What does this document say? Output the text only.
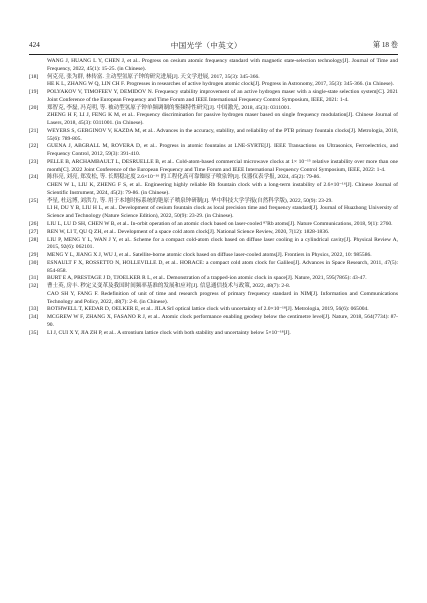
424	中国光学（中英文）	第 18 卷
WANG J, HUANG L Y, CHEN J, et al.. Progress on cesium atomic frequency standard with magnetic state-selection technology[J]. Journal of Time and Frequency, 2022, 45(1): 15-25. (in Chinese).
[18]	何克亮, 张为群, 林传富. 主动型氢原子钟的研究进展[J]. 天文学进展, 2017, 35(3): 345-366.
HE K L, ZHANG W Q, LIN CH F. Progresses in researches of active hydrogen atomic clock[J]. Progress in Astronomy, 2017, 35(3): 345-366. (in Chinese).
[19]	POLYAKOV V, TIMOFEEV Y, DEMIDOV N. Frequency stability improvement of an active hydrogen maser with a single-state selection system[C]. 2021 Joint Conference of the European Frequency and Time Forum and IEEE International Frequency Control Symposium, IEEE, 2021: 1-4.
[20]	郑智克, 李磊, 冯克明, 等. 被动型氢原子钟单频调制的鉴频特性研究[J]. 中国激光, 2018, 45(3): 0311001.
ZHENG H F, LI J, FENG K M, et al.. Frequency discrimination for passive hydrogen maser based on single frequency modulation[J]. Chinese Journal of Lasers, 2018, 45(3): 0311001. (in Chinese).
[21]	WEYERS S, GERGINOV V, KAZDA M, et al.. Advances in the accuracy, stability, and reliability of the PTB primary fountain clocks[J]. Metrologia, 2018, 55(6): 789-805.
[22]	GUENA J, ABGRALL M, ROVERA D, et al.. Progress in atomic fountains at LNE-SYRTE[J]. IEEE Transactions on Ultrasonics, Ferroelectrics, and Frequency Control, 2012, 59(3): 391-410.
[23]	PELLE B, ARCHAMBAULT L, DESRUELLE B, et al.. Cold-atom-based commercial microwave clocks at 1× 10⁻¹⁵ relative instability over more than one month[C]. 2022 Joint Conference of the European Frequency and Time Forum and IEEE International Frequency Control Symposium, IEEE, 2022: 1-4.
[24]	陈伟亮, 刘亮, 郑发松, 等. 长期稳定度 2.6×10⁻¹⁶ 的工程化高可靠铷原子喷泉钟[J]. 仪器仪表学报, 2024, 45(2): 79-86.
CHEN W L, LIU K, ZHENG F S, et al.. Engineering highly reliable Rb fountain clock with a long-term instability of 2.6×10⁻¹⁶[J]. Chinese Journal of Scientific Instrument, 2024, 45(2): 79-86. (in Chinese).
[25]	李星, 杜远博, 刘洪力, 等. 用于本地时标系统的铯原子喷泉钟研制[J]. 华中科技大学学报(自然科学版), 2022, 50(9): 23-29.
LI H, DU Y B, LIU H L, et al.. Development of cesium fountain clock as local precision time and frequency standard[J]. Journal of Huazhong University of Science and Technology (Nature Science Edition), 2022, 50(9): 23-29. (in Chinese).
[26]	LIU L, LU D SH, CHEN W B, et al.. In-orbit operation of an atomic clock based on laser-cooled ⁸⁷Rb atoms[J]. Nature Communications, 2018, 9(1): 2760.
[27]	REN W, LI T, QU Q ZH, et al.. Development of a space cold atom clock[J]. National Science Review, 2020, 7(12): 1828-1836.
[28]	LIU P, MENG Y L, WAN J Y, et al.. Scheme for a compact cold-atom clock based on diffuse laser cooling in a cylindrical cavity[J]. Physical Review A, 2015, 92(6): 062101.
[29]	MENG Y L, JIANG X J, WU J, et al.. Satellite-borne atomic clock based on diffuse laser-cooled atoms[J]. Frontiers in Physics, 2022, 10: 985586.
[30]	ESNAULT F X, ROSSETTO N, HOLLEVILLE D, et al.. HORACE: a compact cold atom clock for Galileo[J]. Advances in Space Research, 2011, 47(5): 854-858.
[31]	BURT E A, PRESTAGE J D, TJOELKER R L, et al.. Demonstration of a trapped-ion atomic clock in space[J]. Nature, 2021, 595(7865): 43-47.
[32]	曹士英, 房丰. 秒定义变革及我国时间频率基准的发展和应对[J]. 信息通信技术与政策, 2022, 48(7): 2-8.
CAO SH Y, FANG F. Redefinition of unit of time and research progress of primary frequency standard in NIM[J]. Information and Communications Technology and Policy, 2022, 48(7): 2-8. (in Chinese).
[33]	BOTHWELL T, KEDAR D, OELKER E, et al.. JILA SrI optical lattice clock with uncertainty of 2.0×10⁻¹⁸[J]. Metrologia, 2019, 56(6): 065004.
[34]	MCGREW W F, ZHANG X, FASANO R J, et al.. Atomic clock performance enabling geodesy below the centimetre level[J]. Nature, 2018, 564(7734): 87-90.
[35]	LI J, CUI X Y, JIA ZH P, et al.. A strontium lattice clock with both stability and uncertainty below 5×10⁻¹⁸[J].
